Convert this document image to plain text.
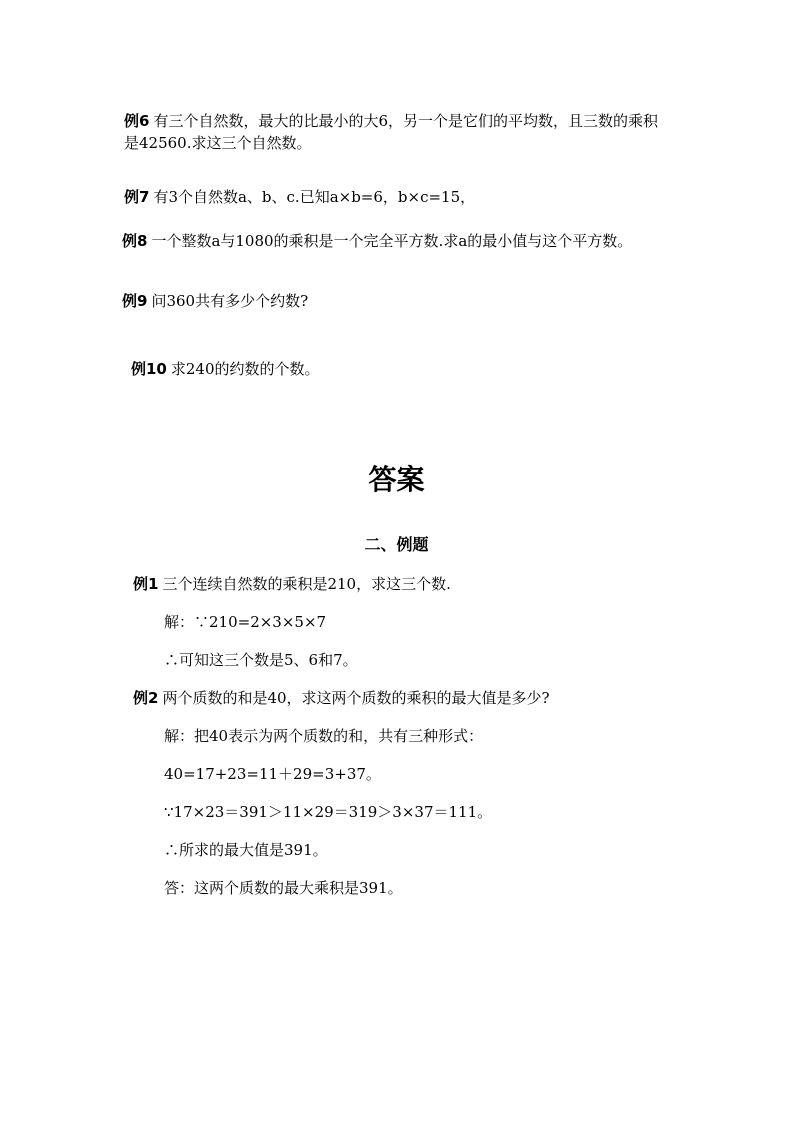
例6 有三个自然数，最大的比最小的大6，另一个是它们的平均数，且三数的乘积是42560.求这三个自然数。
例7 有3个自然数a、b、c.已知a×b=6，b×c=15，
例8 一个整数a与1080的乘积是一个完全平方数.求a的最小值与这个平方数。
例9 问360共有多少个约数?
例10 求240的约数的个数。
答案
二、例题
例1 三个连续自然数的乘积是210，求这三个数.
解：∵210=2×3×5×7
∴可知这三个数是5、6和7。
例2 两个质数的和是40，求这两个质数的乘积的最大值是多少?
解：把40表示为两个质数的和，共有三种形式：
40=17+23=11＋29=3+37。
∵17×23＝391＞11×29＝319＞3×37＝111。
∴所求的最大值是391。
答：这两个质数的最大乘积是391。
